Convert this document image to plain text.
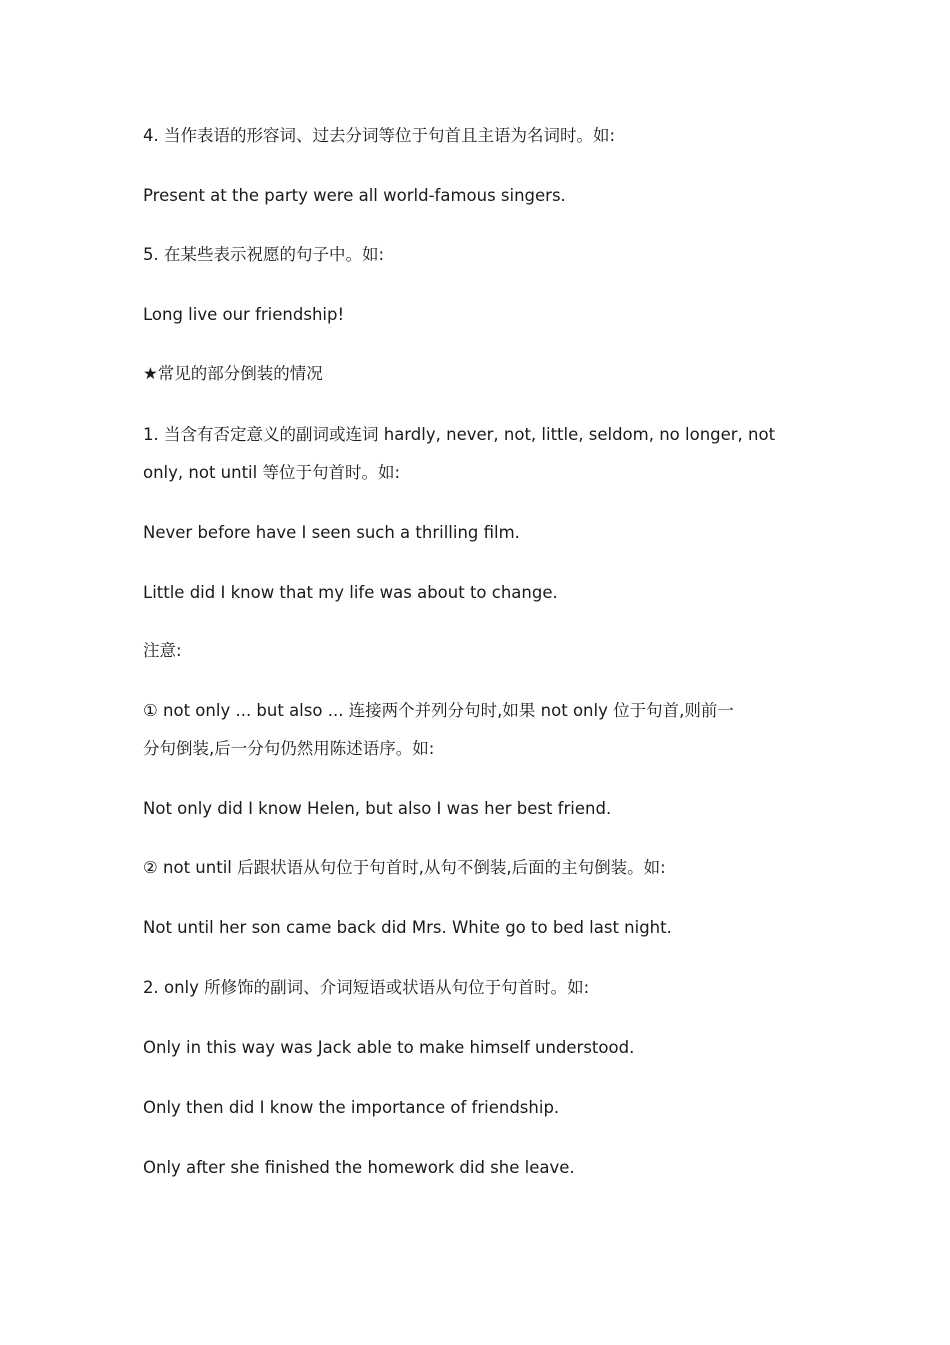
4. 当作表语的形容词、过去分词等位于句首且主语为名词时。如:
Present at the party were all world-famous singers.
5. 在某些表示祝愿的句子中。如:
Long live our friendship!
★常见的部分倒装的情况
1. 当含有否定意义的副词或连词 hardly, never, not, little, seldom, no longer, not
only, not until 等位于句首时。如:
Never before have I seen such a thrilling film.
Little did I know that my life was about to change.
注意:
① not only ... but also ... 连接两个并列分句时,如果 not only 位于句首,则前一
分句倒装,后一分句仍然用陈述语序。如:
Not only did I know Helen, but also I was her best friend.
② not until 后跟状语从句位于句首时,从句不倒装,后面的主句倒装。如:
Not until her son came back did Mrs. White go to bed last night.
2. only 所修饰的副词、介词短语或状语从句位于句首时。如:
Only in this way was Jack able to make himself understood.
Only then did I know the importance of friendship.
Only after she finished the homework did she leave.
